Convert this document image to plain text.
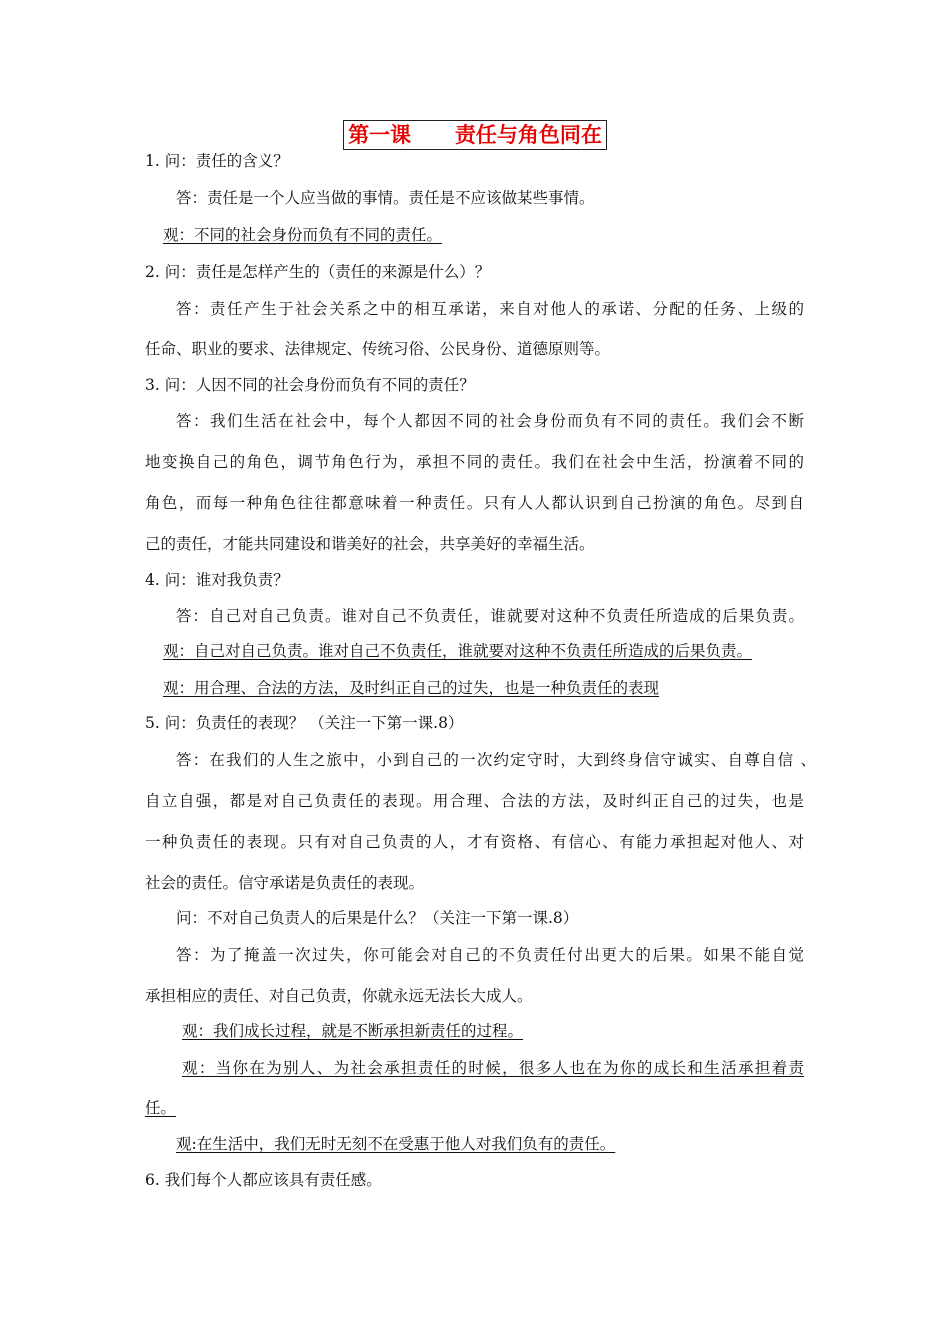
第一课      责任与角色同在
1. 问：责任的含义？
答：责任是一个人应当做的事情。责任是不应该做某些事情。
观：不同的社会身份而负有不同的责任。
2. 问：责任是怎样产生的（责任的来源是什么）？
答：责任产生于社会关系之中的相互承诺，来自对他人的承诺、分配的任务、上级的
任命、职业的要求、法律规定、传统习俗、公民身份、道德原则等。
3. 问：人因不同的社会身份而负有不同的责任？
答：我们生活在社会中，每个人都因不同的社会身份而负有不同的责任。我们会不断
地变换自己的角色，调节角色行为，承担不同的责任。我们在社会中生活，扮演着不同的
角色，而每一种角色往往都意味着一种责任。只有人人都认识到自己扮演的角色。尽到自
己的责任，才能共同建设和谐美好的社会，共享美好的幸福生活。
4. 问：谁对我负责？
答：自己对自己负责。谁对自己不负责任，谁就要对这种不负责任所造成的后果负责。
观：自己对自己负责。谁对自己不负责任，谁就要对这种不负责任所造成的后果负责。
观：用合理、合法的方法，及时纠正自己的过失，也是一种负责任的表现
5. 问：负责任的表现？ （关注一下第一课.8）
答：在我们的人生之旅中，小到自己的一次约定守时，大到终身信守诚实、自尊自信 、
自立自强，都是对自己负责任的表现。用合理、合法的方法，及时纠正自己的过失，也是
一种负责任的表现。只有对自己负责的人，才有资格、有信心、有能力承担起对他人、对
社会的责任。信守承诺是负责任的表现。
问：不对自己负责人的后果是什么？（关注一下第一课.8）
答：为了掩盖一次过失，你可能会对自己的不负责任付出更大的后果。如果不能自觉
承担相应的责任、对自己负责，你就永远无法长大成人。
观：我们成长过程，就是不断承担新责任的过程。
观：当你在为别人、为社会承担责任的时候，很多人也在为你的成长和生活承担着责
任。
观:在生活中，我们无时无刻不在受惠于他人对我们负有的责任。
6. 我们每个人都应该具有责任感。
